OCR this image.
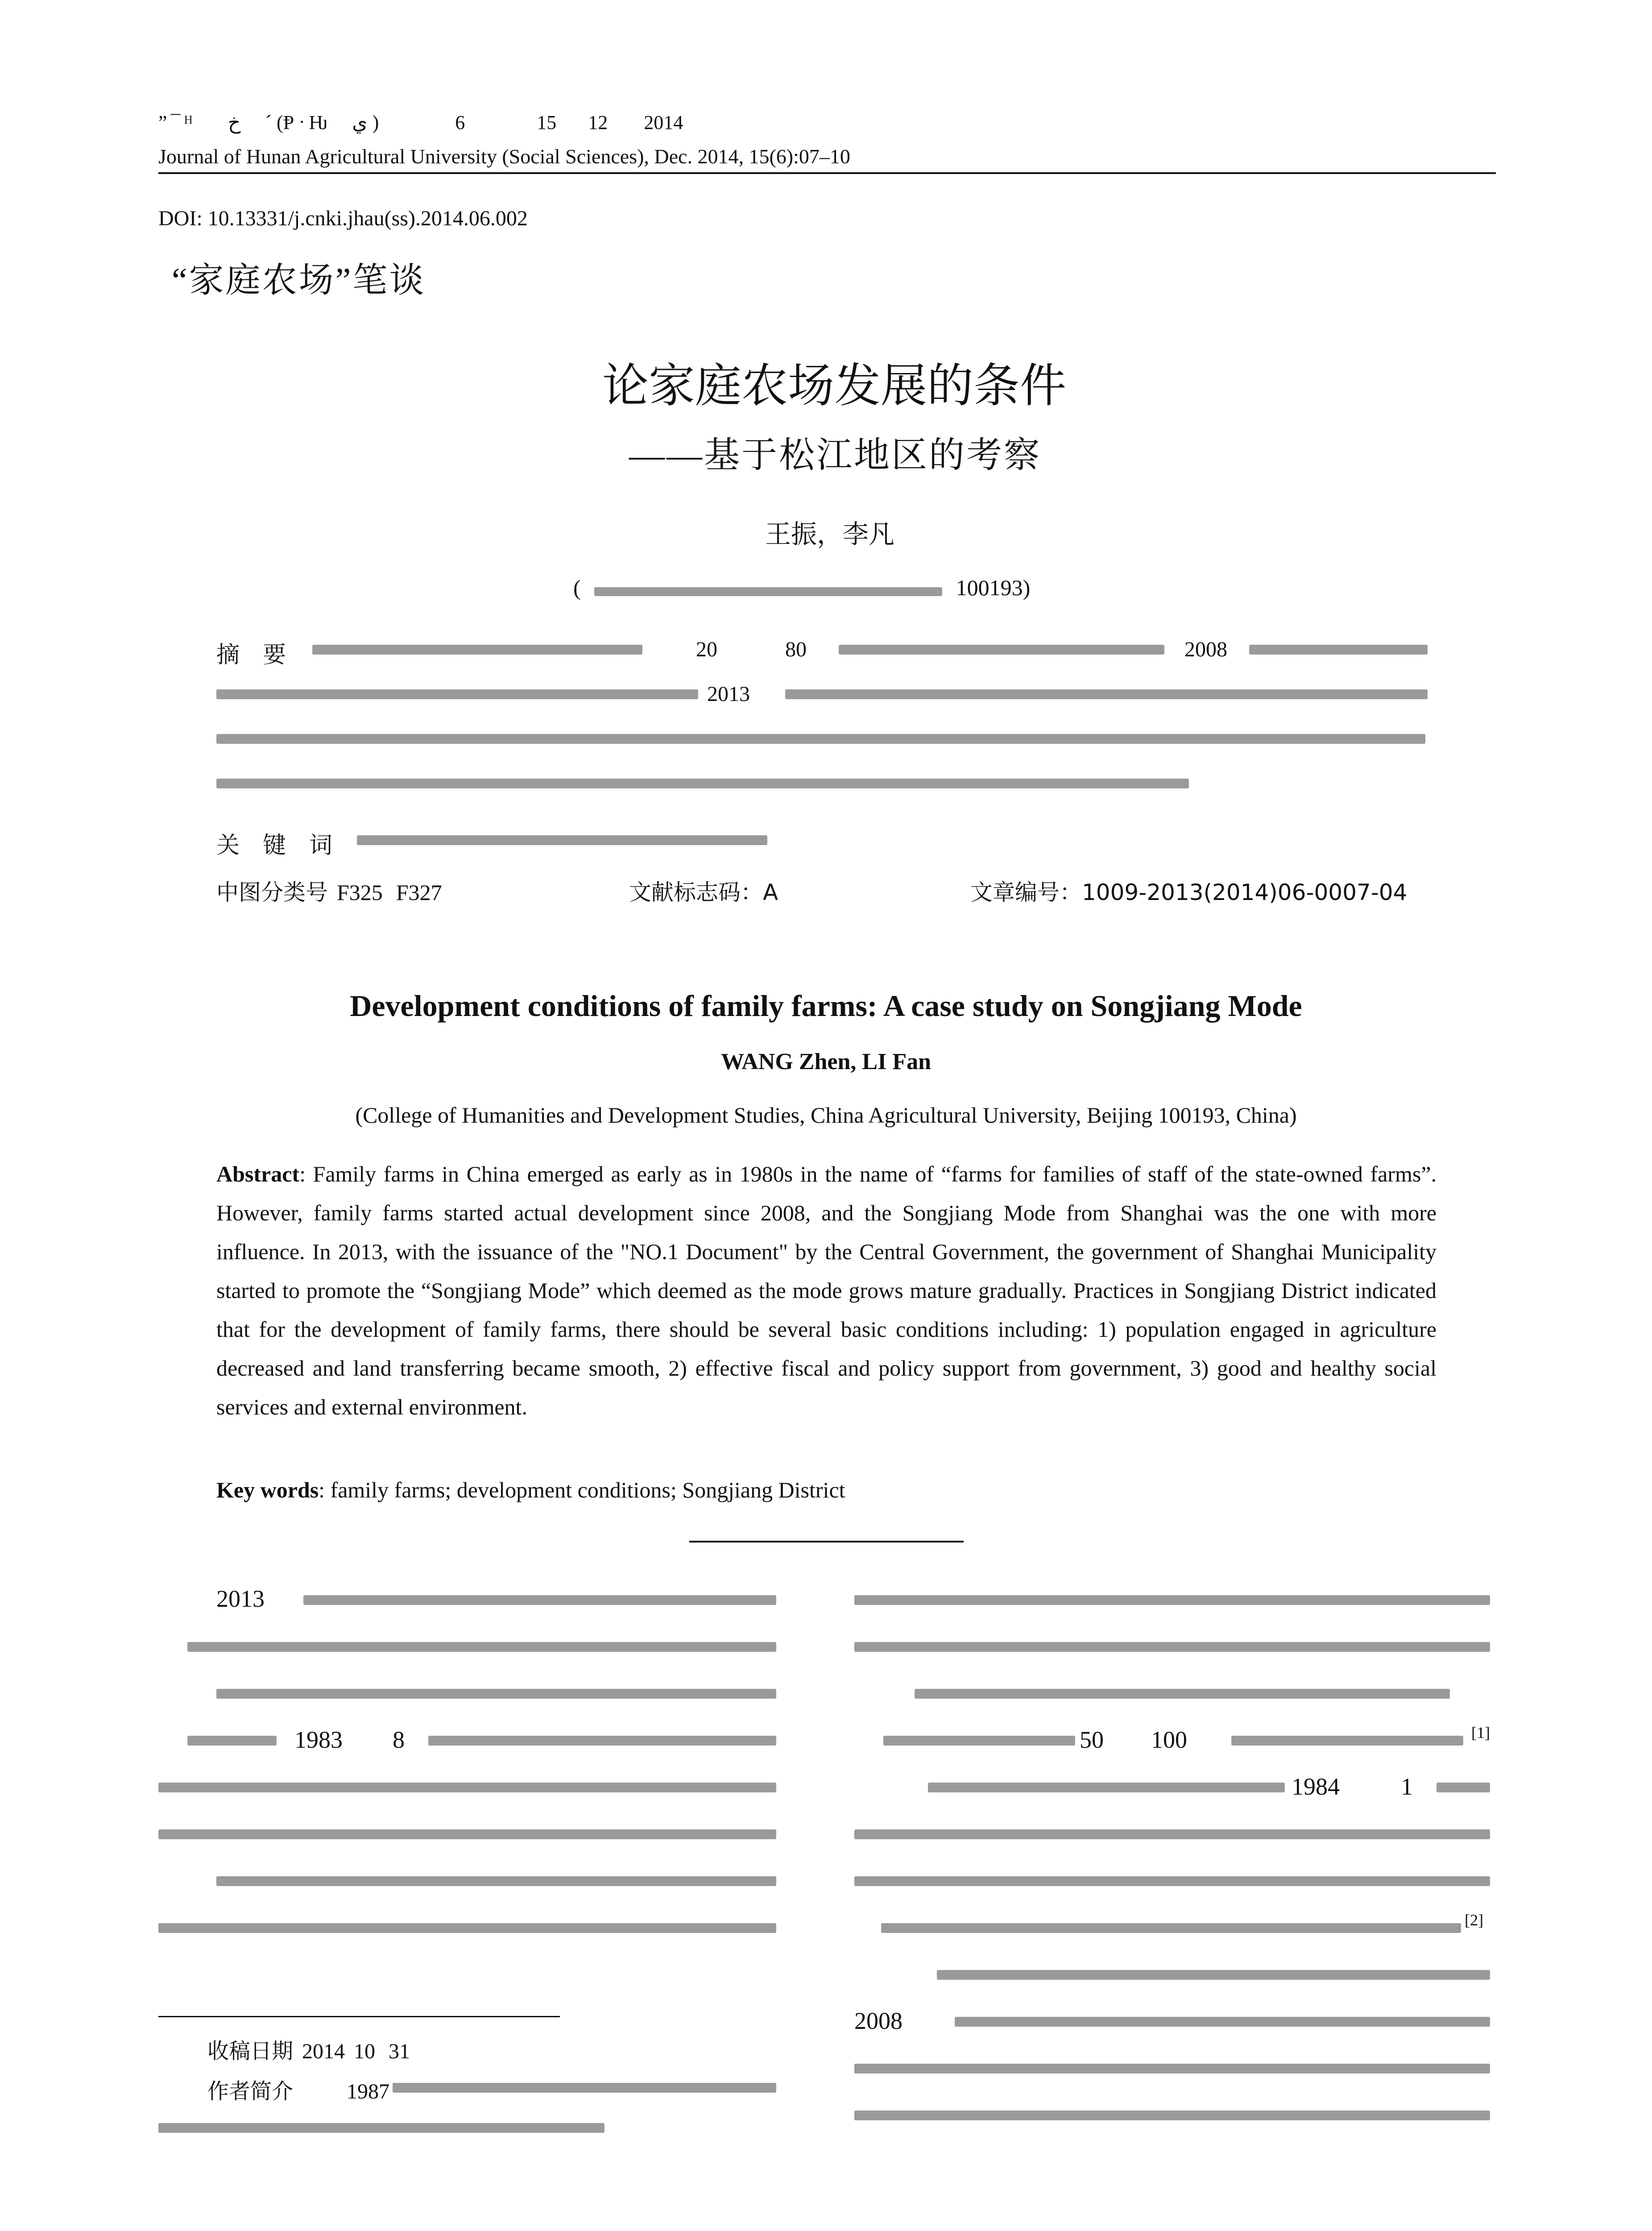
”¯ᴴ 　خ 　ˊ (Ᵽ ᐧ Ƕ 　ي )	2014 12 15 6
Journal of Hunan Agricultural University (Social Sciences), Dec. 2014, 15(6):07–10
DOI: 10.13331/j.cnki.jhau(ss).2014.06.002
“家庭农场”笔谈
论家庭农场发展的条件
——基于松江地区的考察
王振，李凡
(	100193)
摘　要	20	80	2008
2013
关　键　词
中图分类号 F325 F327	文献标志码：A	文章编号：1009-2013(2014)06-0007-04
Development conditions of family farms: A case study on Songjiang Mode
WANG Zhen, LI Fan
(College of Humanities and Development Studies, China Agricultural University, Beijing 100193, China)
Abstract: Family farms in China emerged as early as in 1980s in the name of “farms for families of staff of the state-owned farms”. However, family farms started actual development since 2008, and the Songjiang Mode from Shanghai was the one with more influence. In 2013, with the issuance of the "NO.1 Document" by the Central Government, the government of Shanghai Municipality started to promote the “Songjiang Mode” which deemed as the mode grows mature gradually. Practices in Songjiang District indicated that for the development of family farms, there should be several basic conditions including: 1) population engaged in agriculture decreased and land transferring became smooth, 2) effective fiscal and policy support from government, 3) good and healthy social services and external environment.
Key words: family farms; development conditions; Songjiang District
2013
1983 8
收稿日期 2014 10 31
作者简介	1987
50 100	[1]
1984	1
[2]
2008
